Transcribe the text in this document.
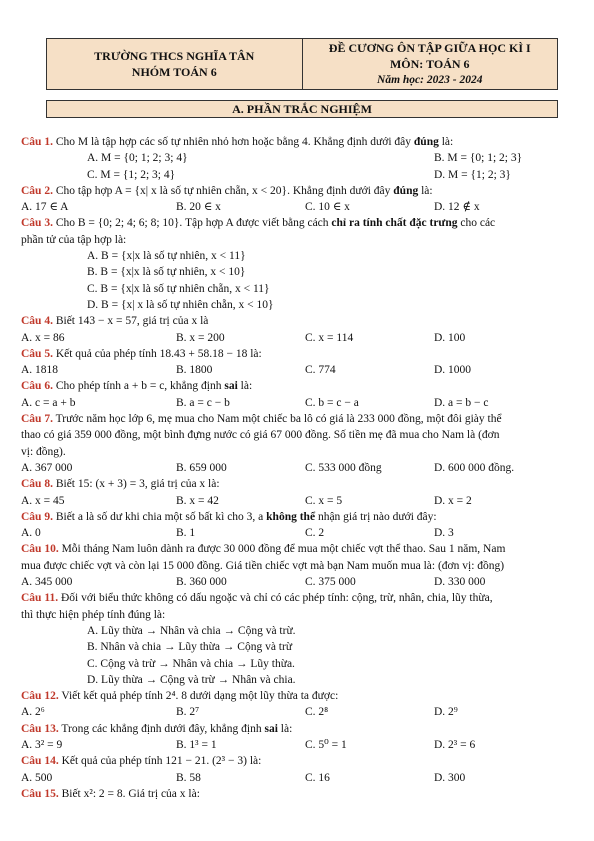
TRƯỜNG THCS NGHĨA TÂN
NHÓM TOÁN 6
ĐỀ CƯƠNG ÔN TẬP GIỮA HỌC KÌ I
MÔN: TOÁN 6
Năm học: 2023 - 2024
A. PHẦN TRẮC NGHIỆM
Câu 1. Cho M là tập hợp các số tự nhiên nhỏ hơn hoặc bằng 4. Khẳng định dưới đây đúng là:
A. M = {0; 1; 2; 3; 4}	B. M = {0; 1; 2; 3}
C. M = {1; 2; 3; 4}	D. M = {1; 2; 3}
Câu 2. Cho tập hợp A = {x| x là số tự nhiên chẵn, x < 20}. Khẳng định dưới đây đúng là:
A. 17 ∈ A	B. 20 ∈ x	C. 10 ∈ x	D. 12 ∉ x
Câu 3. Cho B = {0; 2; 4; 6; 8; 10}. Tập hợp A được viết bằng cách chỉ ra tính chất đặc trưng cho các
phần tử của tập hợp là:
A. B = {x|x là số tự nhiên, x < 11}
B. B = {x|x là số tự nhiên, x < 10}
C. B = {x|x là số tự nhiên chẵn, x < 11}
D. B = {x| x là số tự nhiên chẵn, x < 10}
Câu 4. Biết 143 − x = 57, giá trị của x là
A. x = 86	B. x = 200	C. x = 114	D. 100
Câu 5. Kết quả của phép tính 18.43 + 58.18 − 18 là:
A. 1818	B. 1800	C. 774	D. 1000
Câu 6. Cho phép tính a + b = c, khẳng định sai là:
A. c = a + b	B. a = c − b	C. b = c − a	D. a = b − c
Câu 7. Trước năm học lớp 6, mẹ mua cho Nam một chiếc ba lô có giá là 233 000 đồng, một đôi giày thể
thao có giá 359 000 đồng, một bình đựng nước có giá 67 000 đồng. Số tiền mẹ đã mua cho Nam là (đơn
vị: đồng).
A. 367 000	B. 659 000	C. 533 000 đồng	D. 600 000 đồng.
Câu 8. Biết 15: (x + 3) = 3, giá trị của x là:
A. x = 45	B. x = 42	C. x = 5	D. x = 2
Câu 9. Biết a là số dư khi chia một số bất kì cho 3, a không thể nhận giá trị nào dưới đây:
A. 0	B. 1	C. 2	D. 3
Câu 10. Mỗi tháng Nam luôn dành ra được 30 000 đồng để mua một chiếc vợt thể thao. Sau 1 năm, Nam
mua được chiếc vợt và còn lại 15 000 đồng. Giá tiền chiếc vợt mà bạn Nam muốn mua là: (đơn vị: đồng)
A. 345 000	B. 360 000	C. 375 000	D. 330 000
Câu 11. Đối với biểu thức không có dấu ngoặc và chỉ có các phép tính: cộng, trừ, nhân, chia, lũy thừa,
thì thực hiện phép tính đúng là:
A. Lũy thừa → Nhân và chia → Cộng và trừ.
B. Nhân và chia → Lũy thừa → Cộng và trừ
C. Cộng và trừ → Nhân và chia → Lũy thừa.
D. Lũy thừa → Cộng và trừ → Nhân và chia.
Câu 12. Viết kết quả phép tính 2⁴. 8 dưới dạng một lũy thừa ta được:
A. 2⁶	B. 2⁷	C. 2⁸	D. 2⁹
Câu 13. Trong các khẳng định dưới đây, khẳng định sai là:
A. 3² = 9	B. 1³ = 1	C. 5⁰ = 1	D. 2³ = 6
Câu 14. Kết quả của phép tính 121 − 21. (2³ − 3) là:
A. 500	B. 58	C. 16	D. 300
Câu 15. Biết x²: 2 = 8. Giá trị của x là:
